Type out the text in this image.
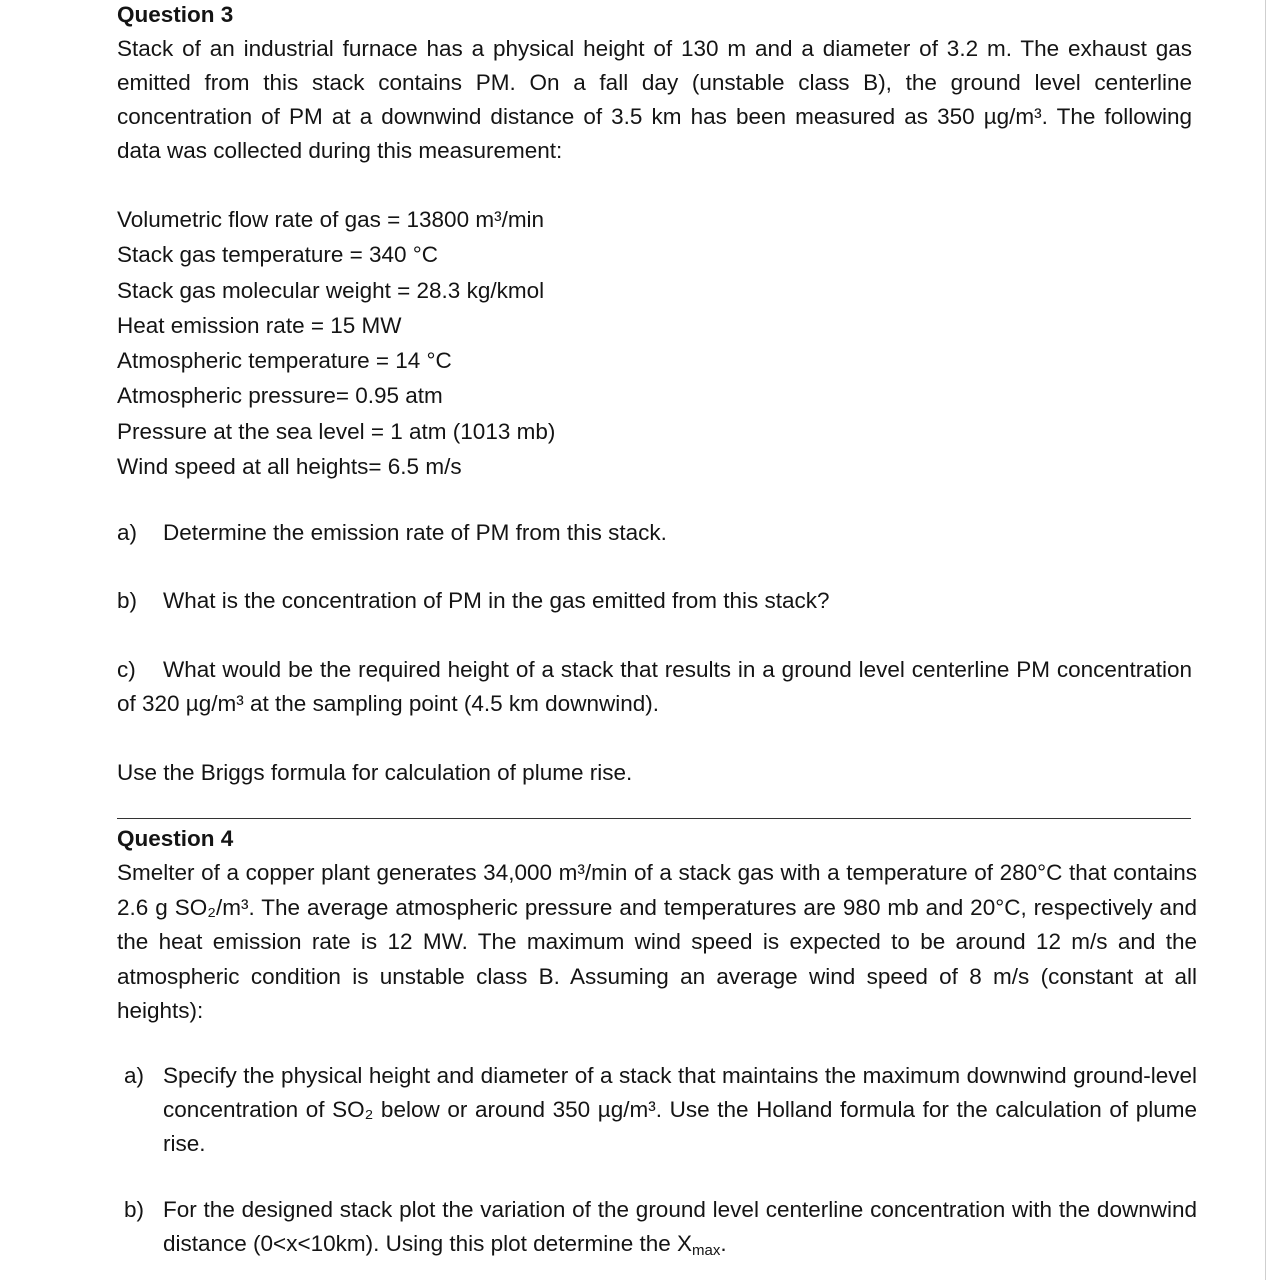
Question 3

Stack of an industrial furnace has a physical height of 130 m and a diameter of 3.2 m. The exhaust gas emitted from this stack contains PM. On a fall day (unstable class B), the ground level centerline concentration of PM at a downwind distance of 3.5 km has been measured as 350 µg/m³. The following data was collected during this measurement:

Volumetric flow rate of gas = 13800 m³/min
Stack gas temperature = 340 °C
Stack gas molecular weight = 28.3 kg/kmol
Heat emission rate = 15 MW
Atmospheric temperature = 14 °C
Atmospheric pressure= 0.95 atm
Pressure at the sea level = 1 atm (1013 mb)
Wind speed at all heights= 6.5 m/s
a) Determine the emission rate of PM from this stack.
b) What is the concentration of PM in the gas emitted from this stack?
c) What would be the required height of a stack that results in a ground level centerline PM concentration of 320 µg/m³ at the sampling point (4.5 km downwind).

Use the Briggs formula for calculation of plume rise.

Question 4

Smelter of a copper plant generates 34,000 m³/min of a stack gas with a temperature of 280°C that contains 2.6 g SO₂/m³. The average atmospheric pressure and temperatures are 980 mb and 20°C, respectively and the heat emission rate is 12 MW. The maximum wind speed is expected to be around 12 m/s and the atmospheric condition is unstable class B. Assuming an average wind speed of 8 m/s (constant at all heights):

a) Specify the physical height and diameter of a stack that maintains the maximum downwind ground-level concentration of SO₂ below or around 350 µg/m³. Use the Holland formula for the calculation of plume rise.
b) For the designed stack plot the variation of the ground level centerline concentration with the downwind distance (0<x<10km). Using this plot determine the Xmax.
